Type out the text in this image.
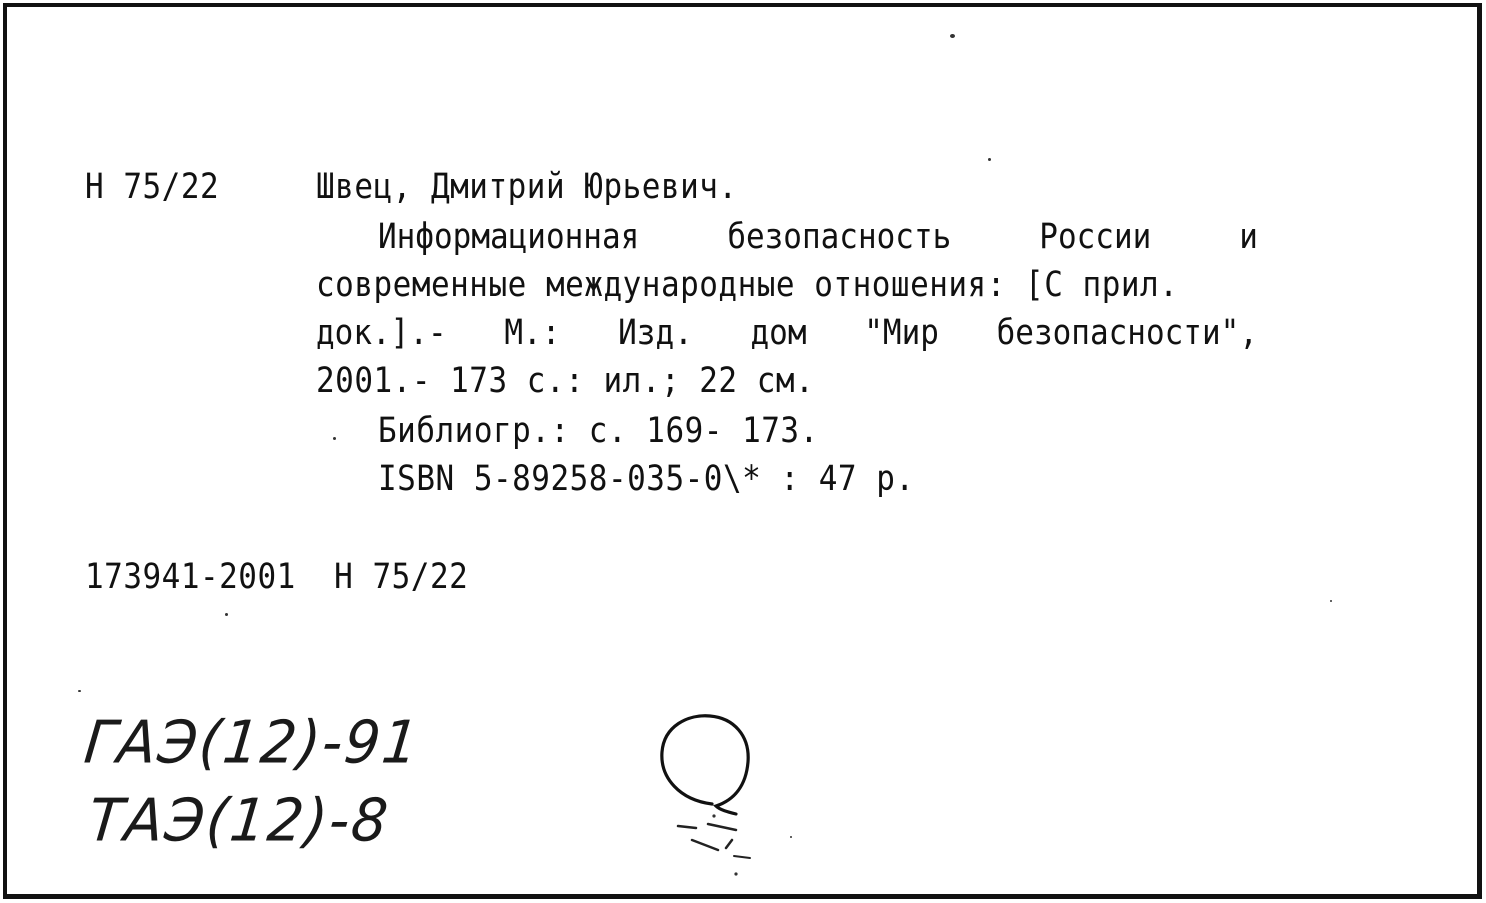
Н 75/22	Швец, Дмитрий Юрьевич.
Информационная	безопасность	России	и
современные международные отношения: [С прил.
док.].- М.: Изд. дом "Мир безопасности",
2001.- 173 с.: ил.; 22 см.
Библиогр.: с. 169- 173.
ISBN 5-89258-035-0\* : 47 р.
173941-2001  Н 75/22
ГАЭ(12)-91
ТАЭ(12)-8
